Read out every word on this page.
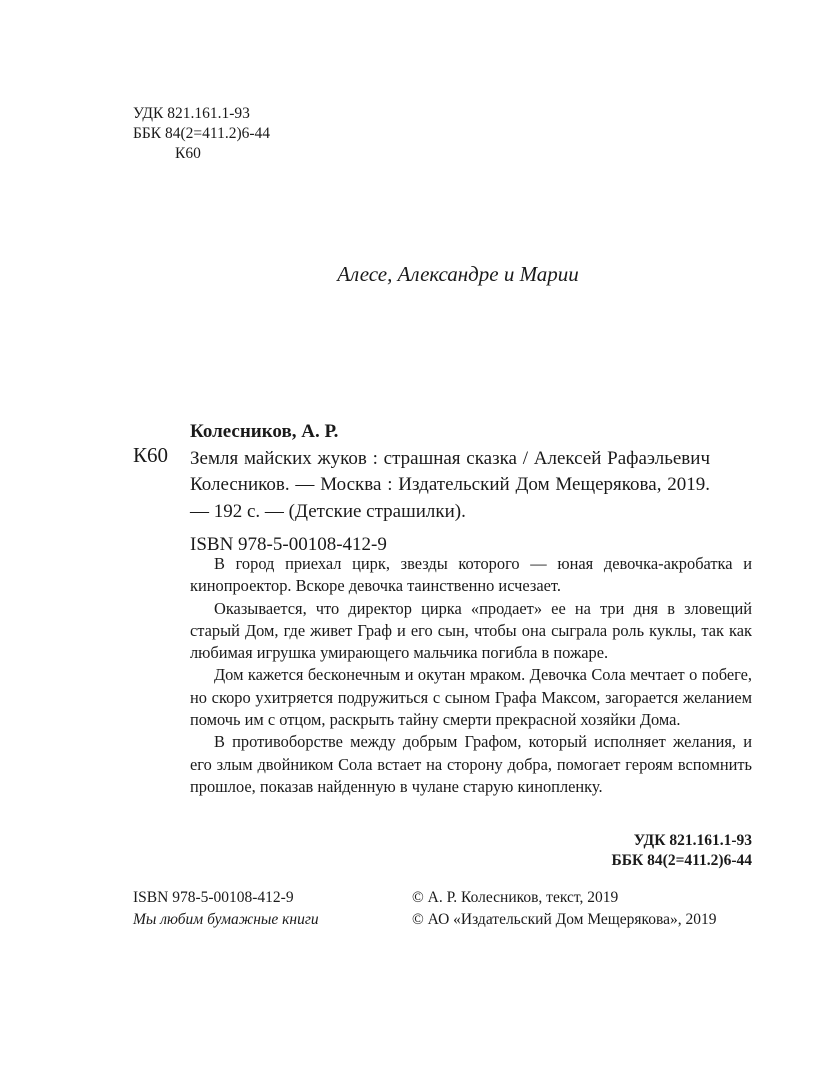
УДК 821.161.1-93
ББК 84(2=411.2)6-44
К60
Алесе, Александре и Марии
К60
Колесников, А. Р.
Земля майских жуков : страшная сказка / Алексей Рафаэльевич Колесников. — Москва : Издательский Дом Мещерякова, 2019. — 192 с. — (Детские страшилки).
ISBN 978-5-00108-412-9

В город приехал цирк, звезды которого — юная девочка-акробатка и кинопроектор. Вскоре девочка таинственно исчезает.

Оказывается, что директор цирка «продает» ее на три дня в зловещий старый Дом, где живет Граф и его сын, чтобы она сыграла роль куклы, так как любимая игрушка умирающего мальчика погибла в пожаре.

Дом кажется бесконечным и окутан мраком. Девочка Сола мечтает о побеге, но скоро ухитряется подружиться с сыном Графа Максом, загорается желанием помочь им с отцом, раскрыть тайну смерти прекрасной хозяйки Дома.

В противоборстве между добрым Графом, который исполняет желания, и его злым двойником Сола встает на сторону добра, помогает героям вспомнить прошлое, показав найденную в чулане старую кинопленку.

УДК 821.161.1-93
ББК 84(2=411.2)6-44
ISBN 978-5-00108-412-9
Мы любим бумажные книги
© А. Р. Колесников, текст, 2019
© АО «Издательский Дом Мещерякова», 2019
